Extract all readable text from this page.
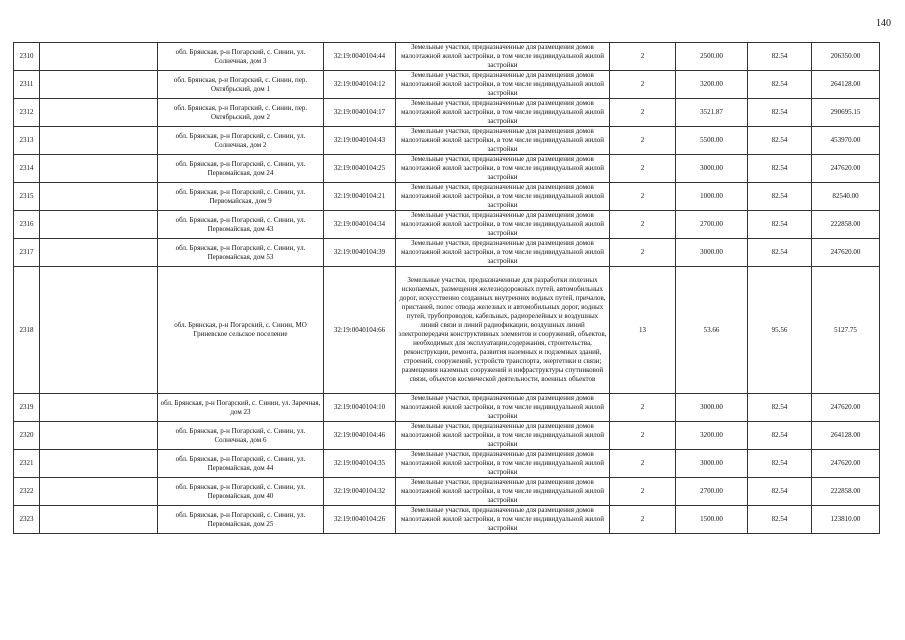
140
2310		обл. Брянская, р-н Погарский, с. Синин, ул. Солнечная, дом 3	32:19:0040104:44	Земельные участки, предназначенные для размещения домов малоэтажной жилой застройки, в том числе индивидуальной жилой застройки	2	2500.00	82.54	206350.00
2311		обл. Брянская, р-н Погарский, с. Синин, пер. Октябрьский, дом 1	32:19:0040104:12	Земельные участки, предназначенные для размещения домов малоэтажной жилой застройки, в том числе индивидуальной жилой застройки	2	3200.00	82.54	264128.00
2312		обл. Брянская, р-н Погарский, с. Синин, пер. Октябрьский, дом 2	32:19:0040104:17	Земельные участки, предназначенные для размещения домов малоэтажной жилой застройки, в том числе индивидуальной жилой застройки	2	3521.87	82.54	290695.15
2313		обл. Брянская, р-н Погарский, с. Синин, ул. Солнечная, дом 2	32:19:0040104:43	Земельные участки, предназначенные для размещения домов малоэтажной жилой застройки, в том числе индивидуальной жилой застройки	2	5500.00	82.54	453970.00
2314		обл. Брянская, р-н Погарский, с. Синин, ул. Первомайская, дом 24	32:19:0040104:25	Земельные участки, предназначенные для размещения домов малоэтажной жилой застройки, в том числе индивидуальной жилой застройки	2	3000.00	82.54	247620.00
2315		обл. Брянская, р-н Погарский, с. Синин, ул. Первомайская, дом 9	32:19:0040104:21	Земельные участки, предназначенные для размещения домов малоэтажной жилой застройки, в том числе индивидуальной жилой застройки	2	1000.00	82.54	82540.00
2316		обл. Брянская, р-н Погарский, с. Синин, ул. Первомайская, дом 43	32:19:0040104:34	Земельные участки, предназначенные для размещения домов малоэтажной жилой застройки, в том числе индивидуальной жилой застройки	2	2700.00	82.54	222858.00
2317		обл. Брянская, р-н Погарский, с. Синин, ул. Первомайская, дом 53	32:19:0040104:39	Земельные участки, предназначенные для размещения домов малоэтажной жилой застройки, в том числе индивидуальной жилой застройки	2	3000.00	82.54	247620.00
2318		обл. Брянская, р-н Погарский, с. Синин, МО Гриневское сельское поселение	32:19:0040104:66	Земельные участки, предназначенные для разработки полезных ископаемых, размещения железнодорожных путей, автомобильных дорог, искусственно созданных внутренних водных путей, причалов, пристаней, полос отвода железных и автомобильных дорог, водных путей, трубопроводов, кабельных, радиорелейных и воздушных линий связи и линий радиофикации, воздушных линий электропередачи конструктивных элементов и сооружений, объектов, необходимых для эксплуатации,содержания, строительства, реконструкции, ремонта, развития наземных и подземных зданий, строений, сооружений, устройств транспорта, энергетики и связи; размещения наземных сооружений и инфраструктуры спутниковой связи, объектов космической деятельности, военных объектов	13	53.66	95.56	5127.75
2319		обл. Брянская, р-н Погарский, с. Синин, ул. Заречная, дом 23	32:19:0040104:10	Земельные участки, предназначенные для размещения домов малоэтажной жилой застройки, в том числе индивидуальной жилой застройки	2	3000.00	82.54	247620.00
2320		обл. Брянская, р-н Погарский, с. Синин, ул. Солнечная, дом 6	32:19:0040104:46	Земельные участки, предназначенные для размещения домов малоэтажной жилой застройки, в том числе индивидуальной жилой застройки	2	3200.00	82.54	264128.00
2321		обл. Брянская, р-н Погарский, с. Синин, ул. Первомайская, дом 44	32:19:0040104:35	Земельные участки, предназначенные для размещения домов малоэтажной жилой застройки, в том числе индивидуальной жилой застройки	2	3000.00	82.54	247620.00
2322		обл. Брянская, р-н Погарский, с. Синин, ул. Первомайская, дом 40	32:19:0040104:32	Земельные участки, предназначенные для размещения домов малоэтажной жилой застройки, в том числе индивидуальной жилой застройки	2	2700.00	82.54	222858.00
2323		обл. Брянская, р-н Погарский, с. Синин, ул. Первомайская, дом 25	32:19:0040104:26	Земельные участки, предназначенные для размещения домов малоэтажной жилой застройки, в том числе индивидуальной жилой застройки	2	1500.00	82.54	123810.00
